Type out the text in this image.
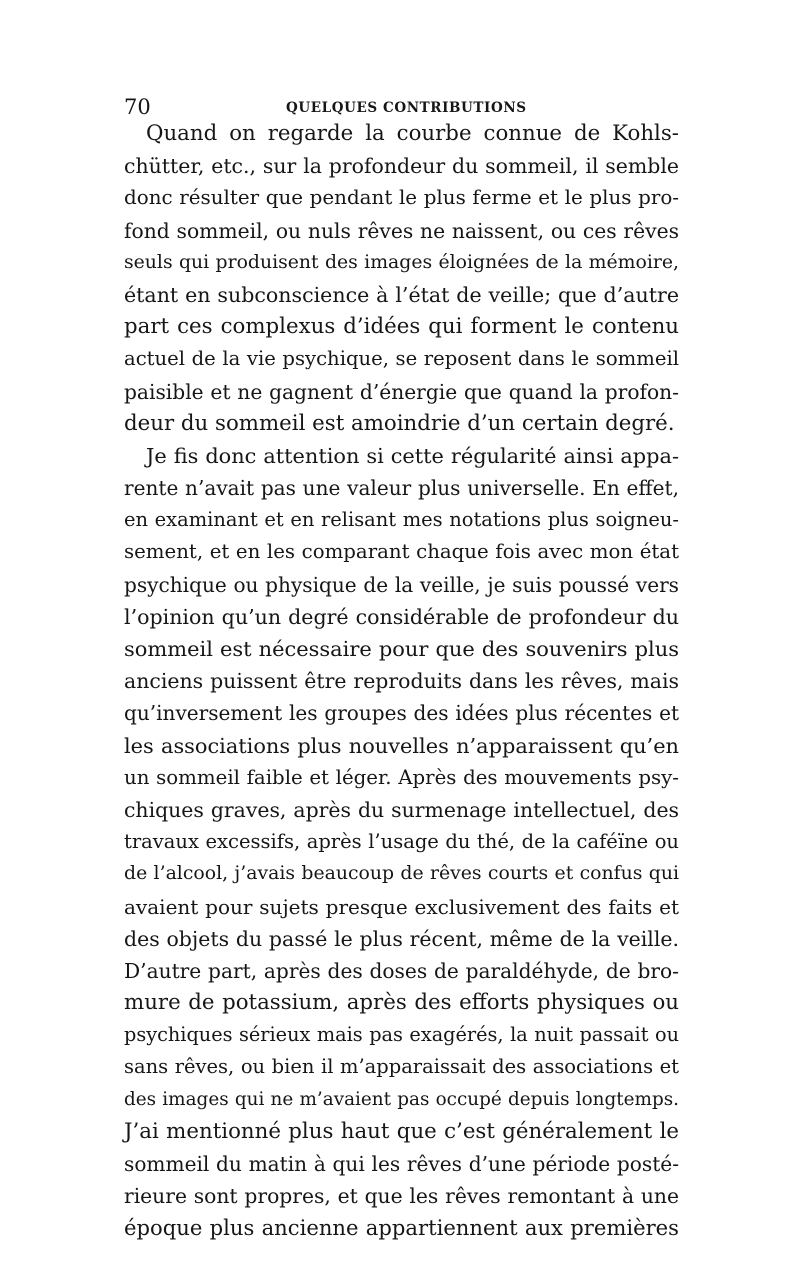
70	QUELQUES CONTRIBUTIONS
Quand on regarde la courbe connue de Kohls-
chütter, etc., sur la profondeur du sommeil, il semble
donc résulter que pendant le plus ferme et le plus pro-
fond sommeil, ou nuls rêves ne naissent, ou ces rêves
seuls qui produisent des images éloignées de la mémoire,
étant en subconscience à l’état de veille; que d’autre
part ces complexus d’idées qui forment le contenu
actuel de la vie psychique, se reposent dans le sommeil
paisible et ne gagnent d’énergie que quand la profon-
deur du sommeil est amoindrie d’un certain degré.
Je fis donc attention si cette régularité ainsi appa-
rente n’avait pas une valeur plus universelle. En effet,
en examinant et en relisant mes notations plus soigneu-
sement, et en les comparant chaque fois avec mon état
psychique ou physique de la veille, je suis poussé vers
l’opinion qu’un degré considérable de profondeur du
sommeil est nécessaire pour que des souvenirs plus
anciens puissent être reproduits dans les rêves, mais
qu’inversement les groupes des idées plus récentes et
les associations plus nouvelles n’apparaissent qu’en
un sommeil faible et léger. Après des mouvements psy-
chiques graves, après du surmenage intellectuel, des
travaux excessifs, après l’usage du thé, de la caféïne ou
de l’alcool, j’avais beaucoup de rêves courts et confus qui
avaient pour sujets presque exclusivement des faits et
des objets du passé le plus récent, même de la veille.
D’autre part, après des doses de paraldéhyde, de bro-
mure de potassium, après des efforts physiques ou
psychiques sérieux mais pas exagérés, la nuit passait ou
sans rêves, ou bien il m’apparaissait des associations et
des images qui ne m’avaient pas occupé depuis longtemps.
J’ai mentionné plus haut que c’est généralement le
sommeil du matin à qui les rêves d’une période posté-
rieure sont propres, et que les rêves remontant à une
époque plus ancienne appartiennent aux premières
